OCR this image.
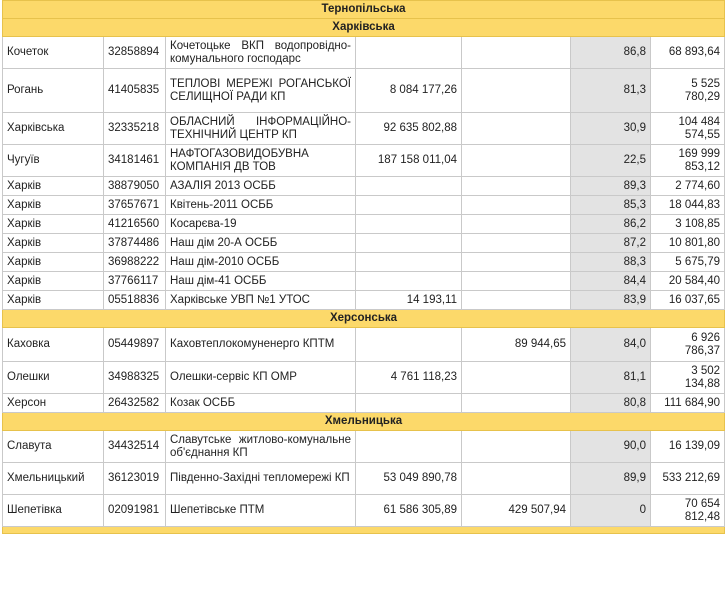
Тернопільська						
Харківська						
Кочеток	32858894	Кочетоцьке ВКП водопровідно-комунального господарс			86,8	68 893,64
Рогань	41405835	ТЕПЛОВІ МЕРЕЖІ РОГАНСЬКОЇ СЕЛИЩНОЇ РАДИ КП	8 084 177,26		81,3	5 525 780,29
Харківська	32335218	ОБЛАСНИЙ ІНФОРМАЦІЙНО-ТЕХНІЧНИЙ ЦЕНТР КП	92 635 802,88		30,9	104 484 574,55
Чугуїв	34181461	НАФТОГАЗОВИДОБУВНА КОМПАНІЯ ДВ ТОВ	187 158 011,04		22,5	169 999 853,12
Харків	38879050	АЗАЛІЯ 2013 ОСББ			89,3	2 774,60
Харків	37657671	Квітень-2011 ОСББ			85,3	18 044,83
Харків	41216560	Косарєва-19			86,2	3 108,85
Харків	37874486	Наш дім 20-А ОСББ			87,2	10 801,80
Харків	36988222	Наш дім-2010 ОСББ			88,3	5 675,79
Харків	37766117	Наш дім-41 ОСББ			84,4	20 584,40
Харків	05518836	Харківське УВП №1 УТОС	14 193,11		83,9	16 037,65
Херсонська						
Каховка	05449897	Каховтеплокомуненерго КПТМ		89 944,65	84,0	6 926 786,37
Олешки	34988325	Олешки-сервіс КП ОМР	4 761 118,23		81,1	3 502 134,88
Херсон	26432582	Козак ОСББ			80,8	111 684,90
Хмельницька						
Славута	34432514	Славутське житлово-комунальне об'єднання КП			90,0	16 139,09
Хмельницький	36123019	Південно-Західні тепломережі КП	53 049 890,78		89,9	533 212,69
Шепетівка	02091981	Шепетівське ПТМ	61 586 305,89	429 507,94	0	70 654 812,48
